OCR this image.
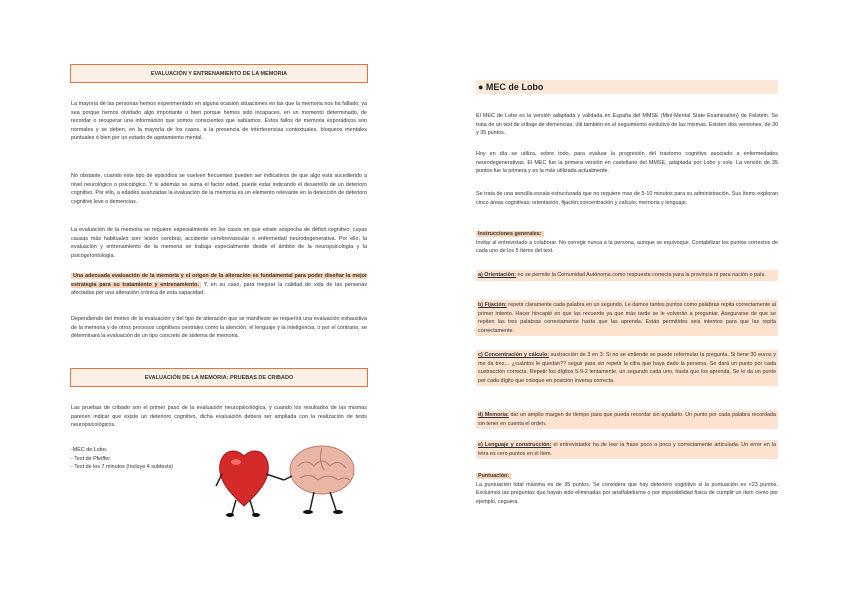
EVALUACIÓN Y ENTRENAMIENTO DE LA MEMORIA

La mayoría de las personas hemos experimentado en alguna ocasión situaciones en las que la memoria nos ha fallado, ya sea porque hemos olvidado algo importante o bien porque hemos sido incapaces, en un momento determinado, de recordar o recuperar una información que somos conscientes que sabíamos. Estos fallos de memoria esporádicos son normales y se deben, en la mayoría de los casos, a la presencia de interferencias contextuales, bloqueos mentales puntuales o bien por un estado de agotamiento mental.

No obstante, cuando este tipo de episodios se vuelven frecuentes pueden ser indicativos de que algo está sucediendo a nivel neurológico o psicológico. Y si además se suma el factor edad, puede estar indicando el desarrollo de un deterioro cognitivo. Por ello, a edades avanzadas la evaluación de la memoria es un elemento relevante en la detección de deterioro cognitivo leve o demencias.

La evaluación de la memoria se requiere especialmente en los casos en que existe sospecha de déficit cognitivo, cuyas causas más habituales son: lesión cerebral, accidente cerebrovascular o enfermedad neurodegenerativa. Por ello, la evaluación y entrenamiento de la memoria se trabaja especialmente desde el ámbito de la neuropsicología y la psicogerontología.

Una adecuada evaluación de la memoria y el origen de la alteración es fundamental para poder diseñar la mejor estrategia para su tratamiento y entrenamiento. Y, en su caso, para mejorar la calidad de vida de las personas afectadas por una alteración crónica de esta capacidad.

Dependiendo del motivo de la evaluación y del tipo de alteración que se manifieste se requerirá una evaluación exhaustiva de la memoria y de otros procesos cognitivos centrales como la atención, el lenguaje y la inteligencia, o por el contrario, se determinará la evaluación de un tipo concreto de sistema de memoria.

EVALUACIÓN DE LA MEMORIA: PRUEBAS DE CRIBADO

Las pruebas de cribado son el primer paso de la evaluación neuropsicológica, y cuando los resultados de las mismas parecen indicar que existe un deterioro cognitivo, dicha evaluación deberá ser ampliada con la realización de tests neuropsicológicos.

-MEC de Lobo.
- Test de Pfeiffer
- Test de los 7 minutos (Incluye 4 subtests)
● MEC de Lobo

El MEC de Lobo es la versión adaptada y validada en España del MMSE (Mini-Mental State Examination) de Folstein. Se trata de un test de cribaje de demencias, útil también en el seguimiento evolutivo de las mismas. Existen dos versiones, de 30 y 35 puntos.

Hoy en día se utiliza, sobre todo, para evaluar la progresión del trastorno cognitivo asociado a enfermedades neurodegenerativas. El MEC fue la primera versión en castellano del MMSE, adaptada por Lobo y cols. La versión de 35 puntos fue la primera y es la más utilizada actualmente.

Se trata de una sencilla escala estructurada que no requiere mas de 5-10 minutos para su administración. Sus ítems exploran cinco áreas cognitivas: orientación, fijación,concentración y calculo, memoria y lenguaje.

Instrucciones generales:

Invitar al entrevistado a colaborar. No corregir nunca a la persona, aunque se equivoque. Contabilizar los puntos correctos de cada uno de los 5 ítems del test.

a) Orientación: no se permite la Comunidad Autónoma como respuesta correcta para la provincia ni para nación o país.

b) Fijación: repetir claramente cada palabra en un segundo. Le damos tantos puntos como palabras repita correctamente al primer intento. Hacer hincapié en que las recuerde ya que más tarde se le volverán a preguntar. Asegurarse de que se repiten las tres palabras correctamente hasta que las aprenda. Están permitidos seis intentos para que las repita correctamente.

c) Concentración y cálculo: sustracción de 3 en 3. Si no se entiende se puede reformular la pregunta. Si tiene 30 euros y me da tres… ¿cuántos le quedan?? seguir para sin repetir la cifra que haya dado la persona. Se dará un punto por cada sustracción correcta. Repetir los dígitos 5-9-2 lentamente, un segundo cada uno, hasta que los aprenda. Se le da un punto por cada dígito que coloque en posición inversa correcta.

d) Memoria: dar un amplio margen de tiempo para que pueda recordar sin ayudarlo. Un punto por cada palabra recordada sin tener en cuenta el orden.

e) Lenguaje y construcción: el entrevistador ha de leer la frase poco a poco y correctamente articulada. Un error en la letra es cero puntos en el ítem.

Puntuación:

La puntuación total máxima es de 35 puntos. Se considera que hay deterioro cognitivo si la puntuación es <23 puntos. Excluimos las preguntas que hayan sido eliminadas por analfabetismo o por imposibilidad física de cumplir un ítem como por ejemplo, ceguera.
